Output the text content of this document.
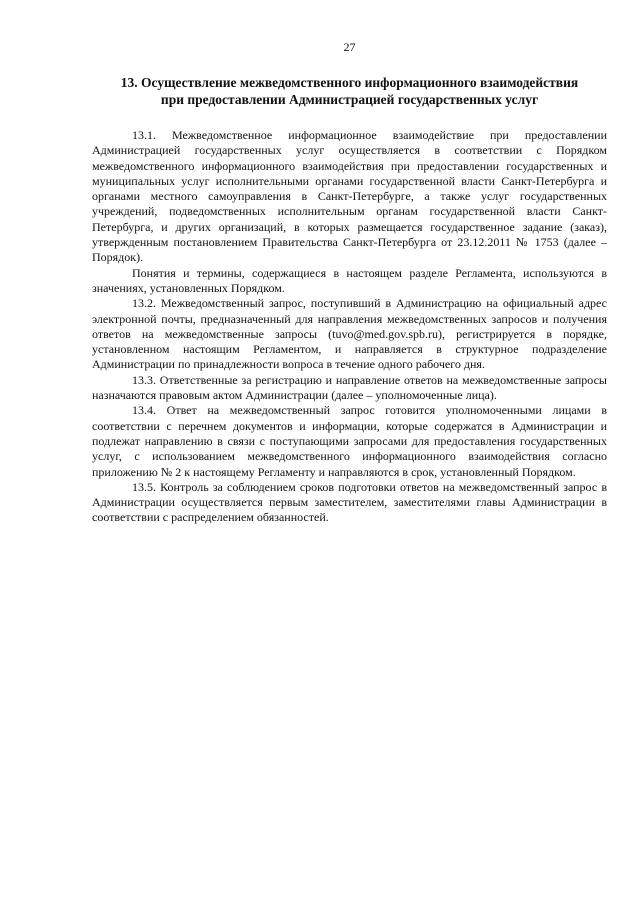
27
13. Осуществление межведомственного информационного взаимодействия
при предоставлении Администрацией государственных услуг

13.1. Межведомственное информационное взаимодействие при предоставлении Администрацией государственных услуг осуществляется в соответствии с Порядком межведомственного информационного взаимодействия при предоставлении государственных и муниципальных услуг исполнительными органами государственной власти Санкт-Петербурга и органами местного самоуправления в Санкт-Петербурге, а также услуг государственных учреждений, подведомственных исполнительным органам государственной власти Санкт-Петербурга, и других организаций, в которых размещается государственное задание (заказ), утвержденным постановлением Правительства Санкт-Петербурга от 23.12.2011 № 1753 (далее – Порядок).

Понятия и термины, содержащиеся в настоящем разделе Регламента, используются в значениях, установленных Порядком.

13.2. Межведомственный запрос, поступивший в Администрацию на официальный адрес электронной почты, предназначенный для направления межведомственных запросов и получения ответов на межведомственные запросы (tuvo@med.gov.spb.ru), регистрируется в порядке, установленном настоящим Регламентом, и направляется в структурное подразделение Администрации по принадлежности вопроса в течение одного рабочего дня.

13.3. Ответственные за регистрацию и направление ответов на межведомственные запросы назначаются правовым актом Администрации (далее – уполномоченные лица).

13.4. Ответ на межведомственный запрос готовится уполномоченными лицами в соответствии с перечнем документов и информации, которые содержатся в Администрации и подлежат направлению в связи с поступающими запросами для предоставления государственных услуг, с использованием межведомственного информационного взаимодействия согласно приложению № 2 к настоящему Регламенту и направляются в срок, установленный Порядком.

13.5. Контроль за соблюдением сроков подготовки ответов на межведомственный запрос в Администрации осуществляется первым заместителем, заместителями главы Администрации в соответствии с распределением обязанностей.
